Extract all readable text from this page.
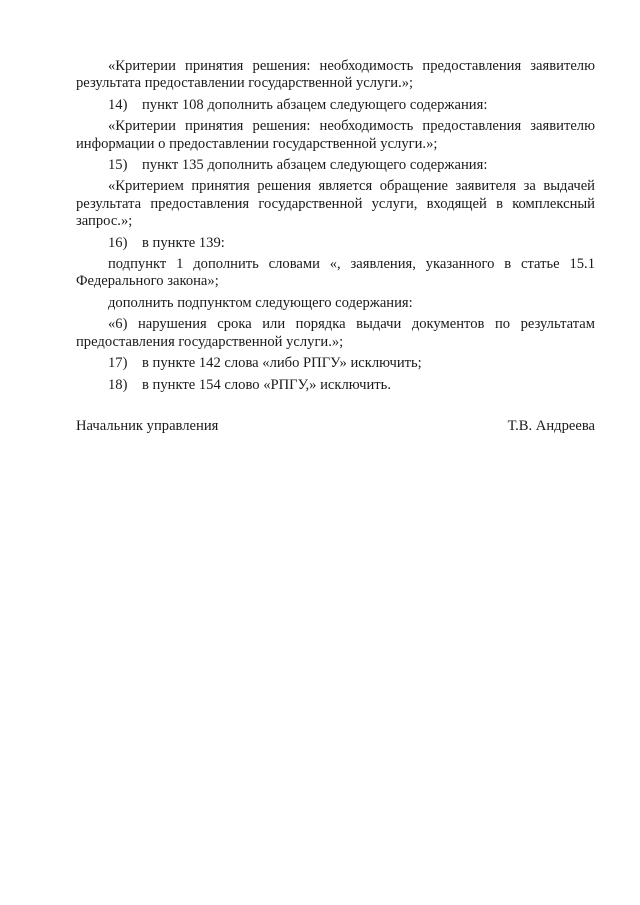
«Критерии принятия решения: необходимость предоставления заявителю результата предоставлении государственной услуги.»;

14) пункт 108 дополнить абзацем следующего содержания:

«Критерии принятия решения: необходимость предоставления заявителю информации о предоставлении государственной услуги.»;

15) пункт 135 дополнить абзацем следующего содержания:

«Критерием принятия решения является обращение заявителя за выдачей результата предоставления государственной услуги, входящей в комплексный запрос.»;

16) в пункте 139:

подпункт 1 дополнить словами «, заявления, указанного в статье 15.1 Федерального закона»;

дополнить подпунктом следующего содержания:

«6) нарушения срока или порядка выдачи документов по результатам предоставления государственной услуги.»;

17) в пункте 142 слова «либо РПГУ» исключить;

18) в пункте 154 слово «РПГУ,» исключить.

Начальник управления	Т.В. Андреева
